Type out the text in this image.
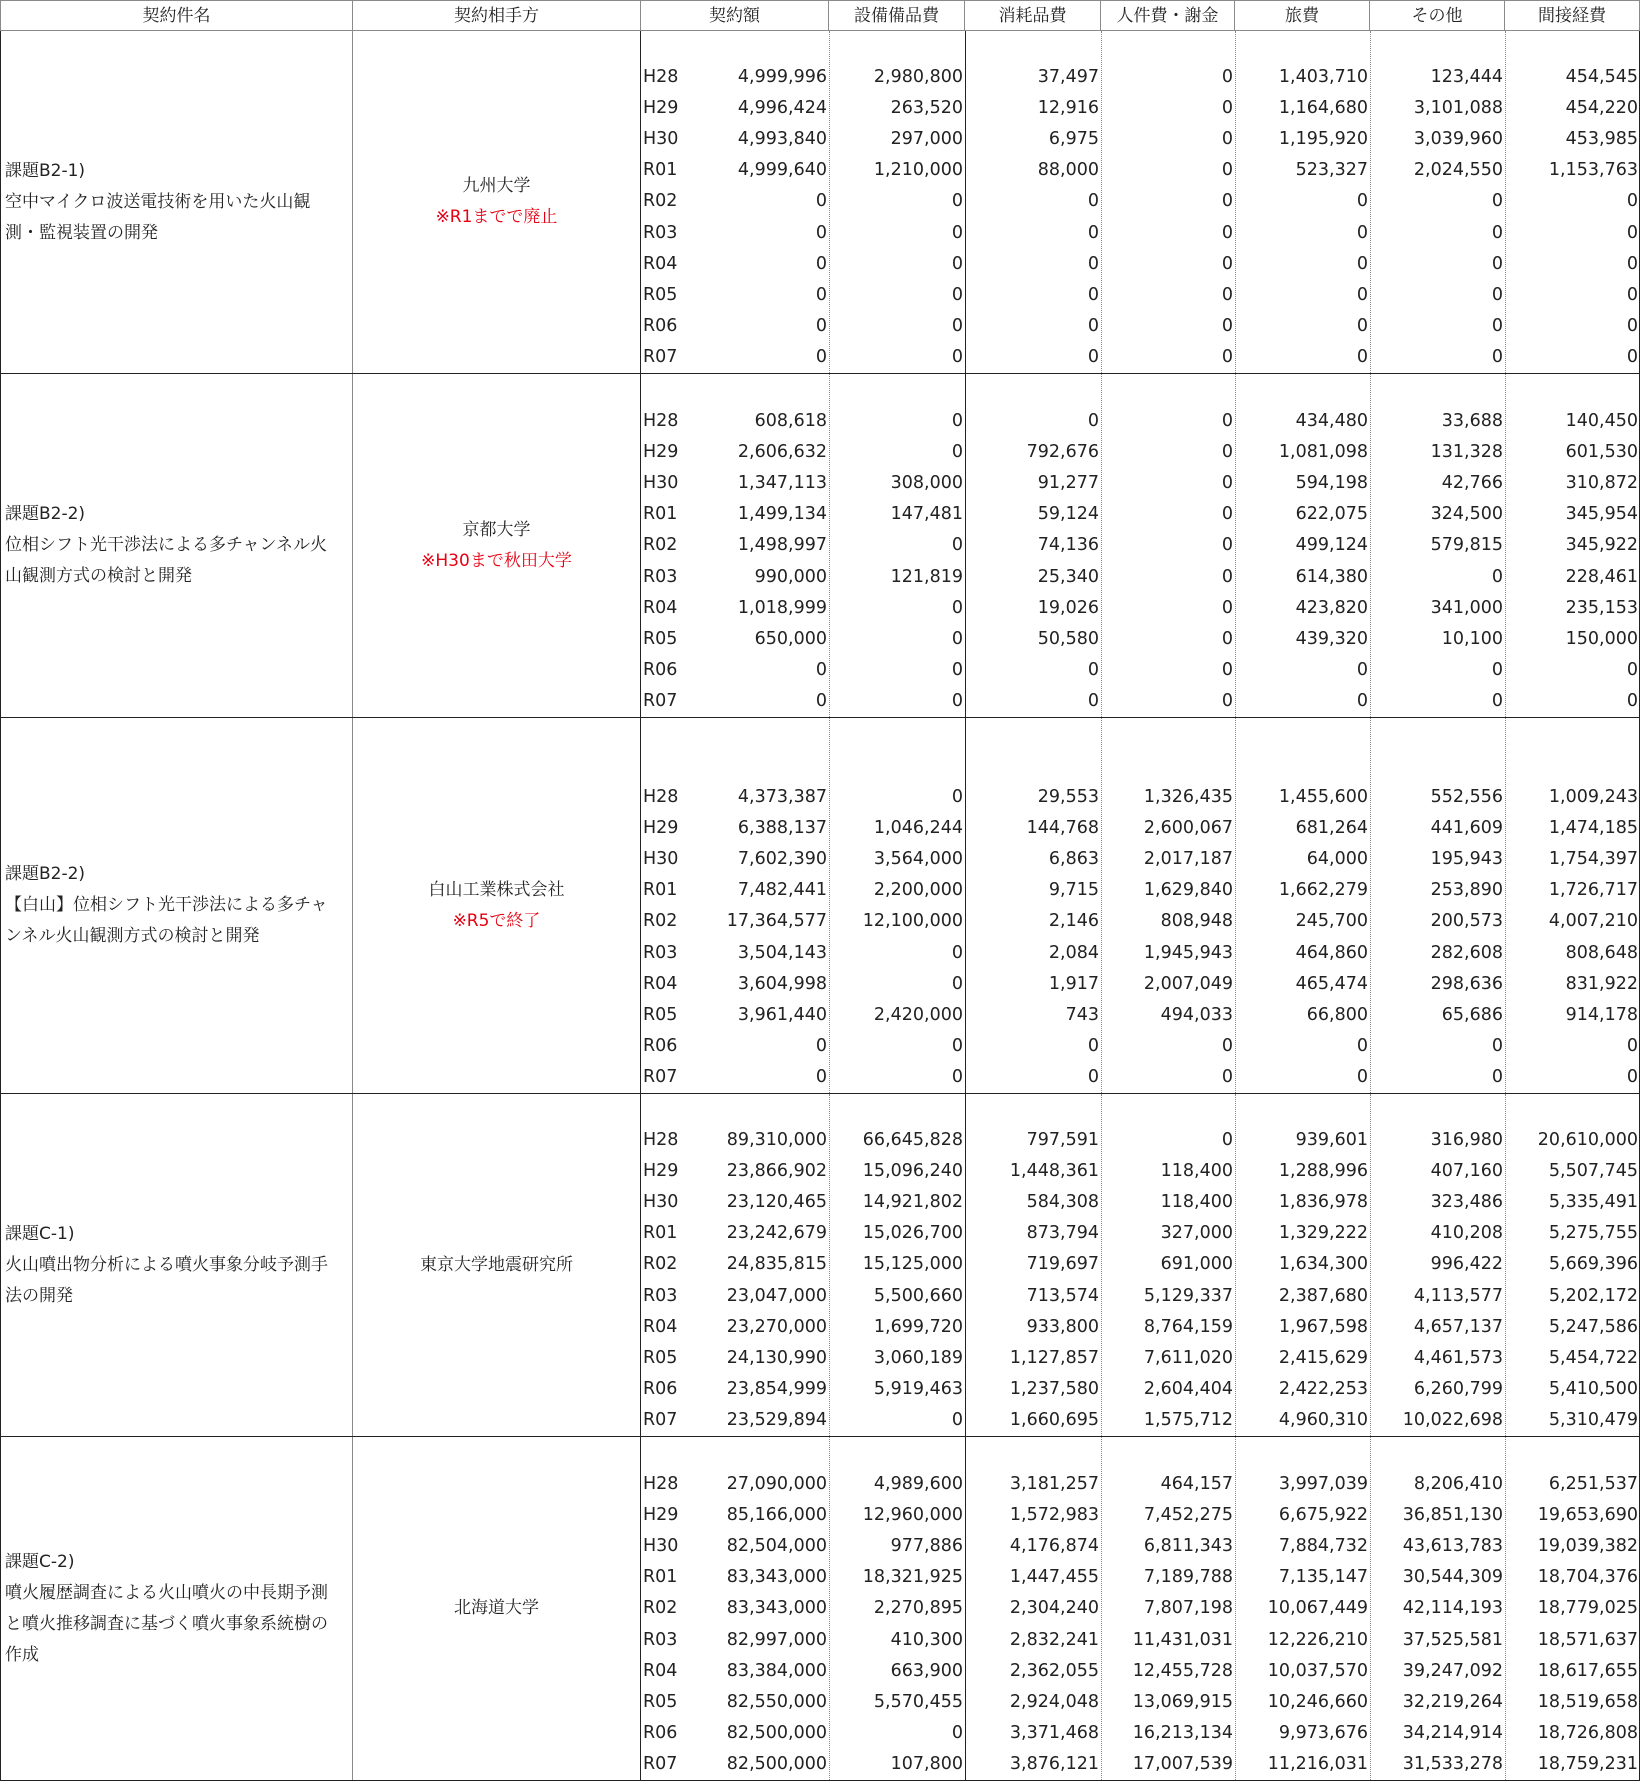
契約件名	契約相手方	契約額	設備備品費	消耗品費	人件費・謝金	旅費	その他	間接経費
課題B2-1)
空中マイクロ波送電技術を用いた火山観
測・監視装置の開発
九州大学
※R1までで廃止
H28	4,999,996	2,980,800	37,497	0	1,403,710	123,444	454,545
H29	4,996,424	263,520	12,916	0	1,164,680	3,101,088	454,220
H30	4,993,840	297,000	6,975	0	1,195,920	3,039,960	453,985
R01	4,999,640	1,210,000	88,000	0	523,327	2,024,550	1,153,763
R02	0	0	0	0	0	0	0
R03	0	0	0	0	0	0	0
R04	0	0	0	0	0	0	0
R05	0	0	0	0	0	0	0
R06	0	0	0	0	0	0	0
R07	0	0	0	0	0	0	0
課題B2-2)
位相シフト光干渉法による多チャンネル火
山観測方式の検討と開発
京都大学
※H30まで秋田大学
H28	608,618	0	0	0	434,480	33,688	140,450
H29	2,606,632	0	792,676	0	1,081,098	131,328	601,530
H30	1,347,113	308,000	91,277	0	594,198	42,766	310,872
R01	1,499,134	147,481	59,124	0	622,075	324,500	345,954
R02	1,498,997	0	74,136	0	499,124	579,815	345,922
R03	990,000	121,819	25,340	0	614,380	0	228,461
R04	1,018,999	0	19,026	0	423,820	341,000	235,153
R05	650,000	0	50,580	0	439,320	10,100	150,000
R06	0	0	0	0	0	0	0
R07	0	0	0	0	0	0	0
課題B2-2)
【白山】位相シフト光干渉法による多チャ
ンネル火山観測方式の検討と開発
白山工業株式会社
※R5で終了
H28	4,373,387	0	29,553	1,326,435	1,455,600	552,556	1,009,243
H29	6,388,137	1,046,244	144,768	2,600,067	681,264	441,609	1,474,185
H30	7,602,390	3,564,000	6,863	2,017,187	64,000	195,943	1,754,397
R01	7,482,441	2,200,000	9,715	1,629,840	1,662,279	253,890	1,726,717
R02	17,364,577	12,100,000	2,146	808,948	245,700	200,573	4,007,210
R03	3,504,143	0	2,084	1,945,943	464,860	282,608	808,648
R04	3,604,998	0	1,917	2,007,049	465,474	298,636	831,922
R05	3,961,440	2,420,000	743	494,033	66,800	65,686	914,178
R06	0	0	0	0	0	0	0
R07	0	0	0	0	0	0	0
課題C-1)
火山噴出物分析による噴火事象分岐予測手
法の開発
東京大学地震研究所
H28	89,310,000	66,645,828	797,591	0	939,601	316,980	20,610,000
H29	23,866,902	15,096,240	1,448,361	118,400	1,288,996	407,160	5,507,745
H30	23,120,465	14,921,802	584,308	118,400	1,836,978	323,486	5,335,491
R01	23,242,679	15,026,700	873,794	327,000	1,329,222	410,208	5,275,755
R02	24,835,815	15,125,000	719,697	691,000	1,634,300	996,422	5,669,396
R03	23,047,000	5,500,660	713,574	5,129,337	2,387,680	4,113,577	5,202,172
R04	23,270,000	1,699,720	933,800	8,764,159	1,967,598	4,657,137	5,247,586
R05	24,130,990	3,060,189	1,127,857	7,611,020	2,415,629	4,461,573	5,454,722
R06	23,854,999	5,919,463	1,237,580	2,604,404	2,422,253	6,260,799	5,410,500
R07	23,529,894	0	1,660,695	1,575,712	4,960,310	10,022,698	5,310,479
課題C-2)
噴火履歴調査による火山噴火の中長期予測
と噴火推移調査に基づく噴火事象系統樹の
作成
北海道大学
H28	27,090,000	4,989,600	3,181,257	464,157	3,997,039	8,206,410	6,251,537
H29	85,166,000	12,960,000	1,572,983	7,452,275	6,675,922	36,851,130	19,653,690
H30	82,504,000	977,886	4,176,874	6,811,343	7,884,732	43,613,783	19,039,382
R01	83,343,000	18,321,925	1,447,455	7,189,788	7,135,147	30,544,309	18,704,376
R02	83,343,000	2,270,895	2,304,240	7,807,198	10,067,449	42,114,193	18,779,025
R03	82,997,000	410,300	2,832,241	11,431,031	12,226,210	37,525,581	18,571,637
R04	83,384,000	663,900	2,362,055	12,455,728	10,037,570	39,247,092	18,617,655
R05	82,550,000	5,570,455	2,924,048	13,069,915	10,246,660	32,219,264	18,519,658
R06	82,500,000	0	3,371,468	16,213,134	9,973,676	34,214,914	18,726,808
R07	82,500,000	107,800	3,876,121	17,007,539	11,216,031	31,533,278	18,759,231
